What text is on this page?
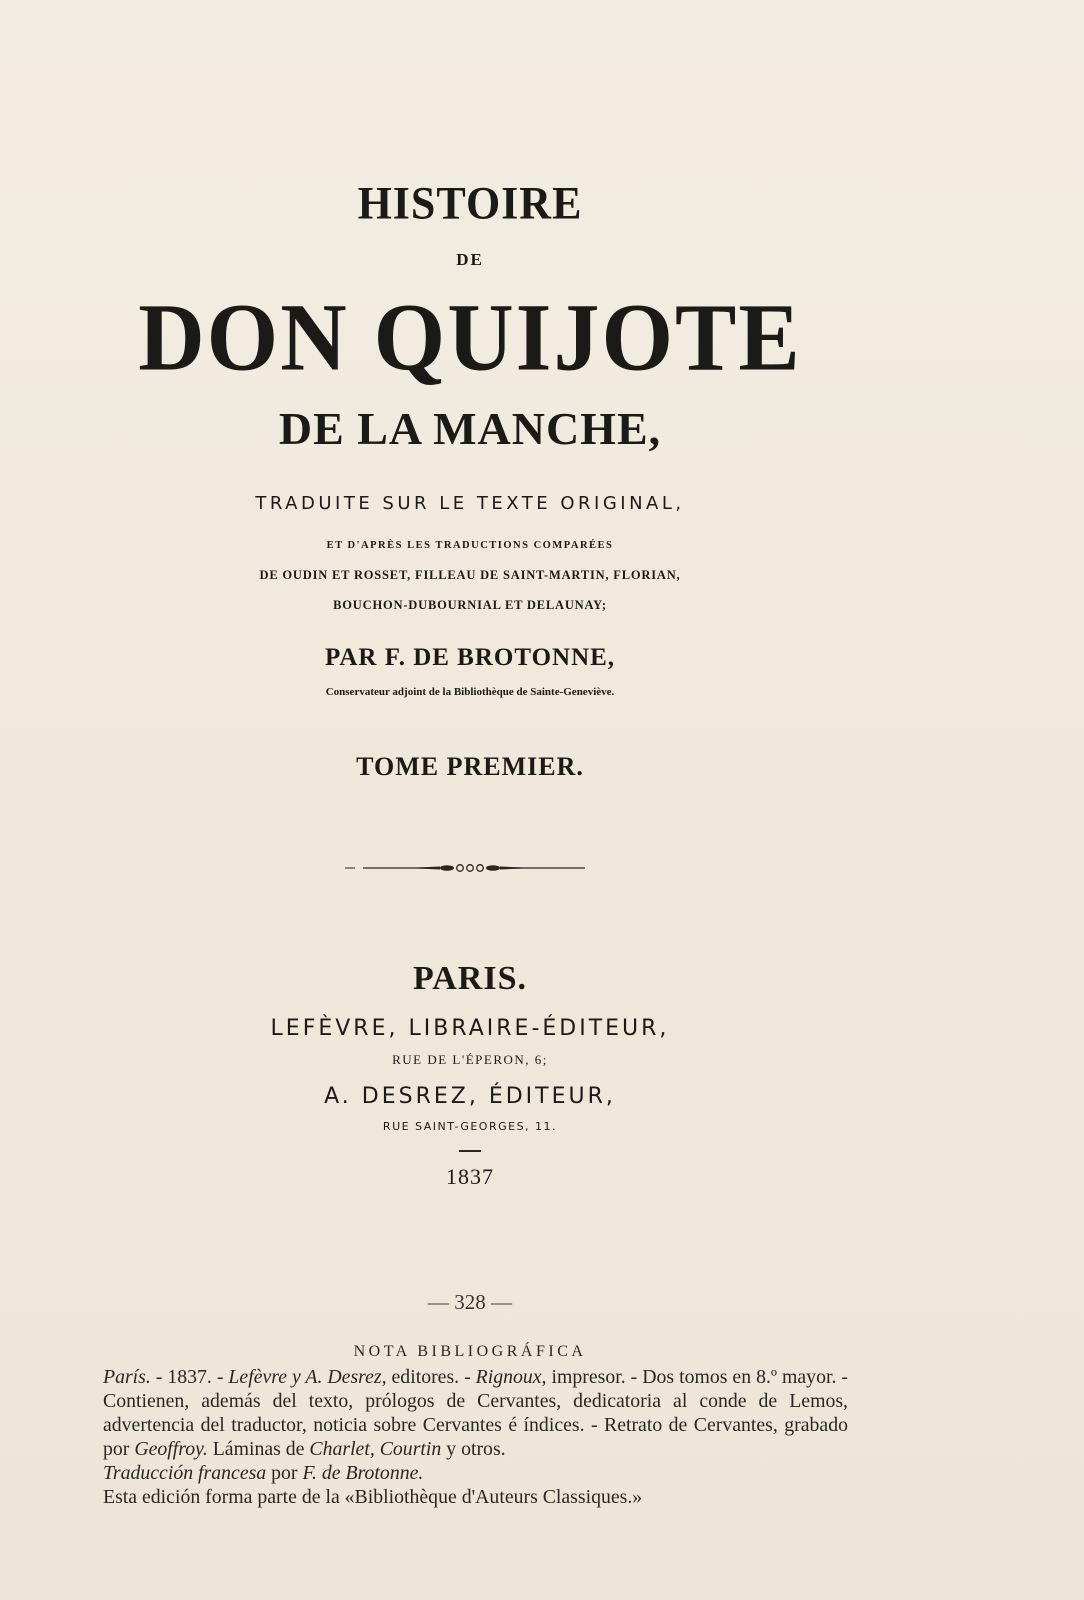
HISTOIRE
DE
DON QUIJOTE
DE LA MANCHE,
TRADUITE SUR LE TEXTE ORIGINAL,
ET D'APRÈS LES TRADUCTIONS COMPARÉES
DE OUDIN ET ROSSET, FILLEAU DE SAINT-MARTIN, FLORIAN,
BOUCHON-DUBOURNIAL ET DELAUNAY;
PAR F. DE BROTONNE,
Conservateur adjoint de la Bibliothèque de Sainte-Geneviève.
TOME PREMIER.
PARIS.
LEFÈVRE, LIBRAIRE-ÉDITEUR,
RUE DE L'ÉPERON, 6;
A. DESREZ, ÉDITEUR,
RUE SAINT-GEORGES, 11.
1837
— 328 —
NOTA BIBLIOGRÁFICA

París. - 1837. - Lefèvre y A. Desrez, editores. - Rignoux, impresor. - Dos tomos en 8.º mayor. - Contienen, además del texto, prólogos de Cervantes, dedicatoria al conde de Lemos, advertencia del traductor, noticia sobre Cervantes é índices. - Retrato de Cervantes, grabado por Geoffroy. Láminas de Charlet, Courtin y otros.

Traducción francesa por F. de Brotonne.

Esta edición forma parte de la «Bibliothèque d'Auteurs Classiques.»
